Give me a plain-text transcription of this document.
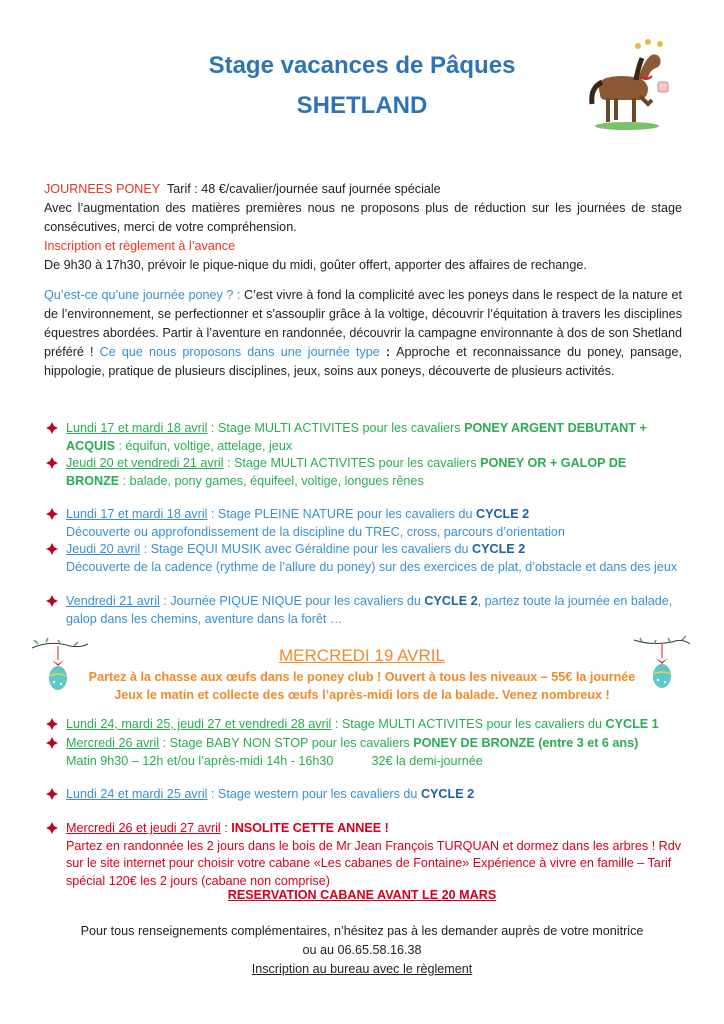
Stage vacances de Pâques
SHETLAND

JOURNEES PONEY Tarif : 48 €/cavalier/journée sauf journée spéciale

Avec l’augmentation des matières premières nous ne proposons plus de réduction sur les journées de stage consécutives, merci de votre compréhension.

Inscription et règlement à l’avance

De 9h30 à 17h30, prévoir le pique-nique du midi, goûter offert, apporter des affaires de rechange.

Qu’est-ce qu’une journée poney ? : C’est vivre à fond la complicité avec les poneys dans le respect de la nature et de l’environnement, se perfectionner et s'assouplir grâce à la voltige, découvrir l’équitation à travers les disciplines équestres abordées. Partir à l’aventure en randonnée, découvrir la campagne environnante à dos de son Shetland préféré ! Ce que nous proposons dans une journée type : Approche et reconnaissance du poney, pansage, hippologie, pratique de plusieurs disciplines, jeux, soins aux poneys, découverte de plusieurs activités.
Lundi 17 et mardi 18 avril : Stage MULTI ACTIVITES pour les cavaliers PONEY ARGENT DEBUTANT + ACQUIS : équifun, voltige, attelage, jeux
Jeudi 20 et vendredi 21 avril : Stage MULTI ACTIVITES pour les cavaliers PONEY OR + GALOP DE BRONZE : balade, pony games, équifeel, voltige, longues rênes
Lundi 17 et mardi 18 avril : Stage PLEINE NATURE pour les cavaliers du CYCLE 2
Découverte ou approfondissement de la discipline du TREC, cross, parcours d’orientation
Jeudi 20 avril : Stage EQUI MUSIK avec Géraldine pour les cavaliers du CYCLE 2
Découverte de la cadence (rythme de l’allure du poney) sur des exercices de plat, d’obstacle et dans des jeux
Vendredi 21 avril : Journée PIQUE NIQUE pour les cavaliers du CYCLE 2, partez toute la journée en balade, galop dans les chemins, aventure dans la forêt …
MERCREDI 19 AVRIL
Partez à la chasse aux œufs dans le poney club ! Ouvert à tous les niveaux – 55€ la journée
Jeux le matin et collecte des œufs l’après-midi lors de la balade. Venez nombreux !
Lundi 24, mardi 25, jeudi 27 et vendredi 28 avril : Stage MULTI ACTIVITES pour les cavaliers du CYCLE 1
Mercredi 26 avril : Stage BABY NON STOP pour les cavaliers PONEY DE BRONZE (entre 3 et 6 ans)
Matin 9h30 – 12h et/ou l’après-midi 14h - 16h30	32€ la demi-journée
Lundi 24 et mardi 25 avril : Stage western pour les cavaliers du CYCLE 2
Mercredi 26 et jeudi 27 avril : INSOLITE CETTE ANNEE !
Partez en randonnée les 2 jours dans le bois de Mr Jean François TURQUAN et dormez dans les arbres ! Rdv sur le site internet pour choisir votre cabane «Les cabanes de Fontaine» Expérience à vivre en famille – Tarif spécial 120€ les 2 jours (cabane non comprise)
RESERVATION CABANE AVANT LE 20 MARS
Pour tous renseignements complémentaires, n’hésitez pas à les demander auprès de votre monitrice
ou au 06.65.58.16.38
Inscription au bureau avec le règlement
